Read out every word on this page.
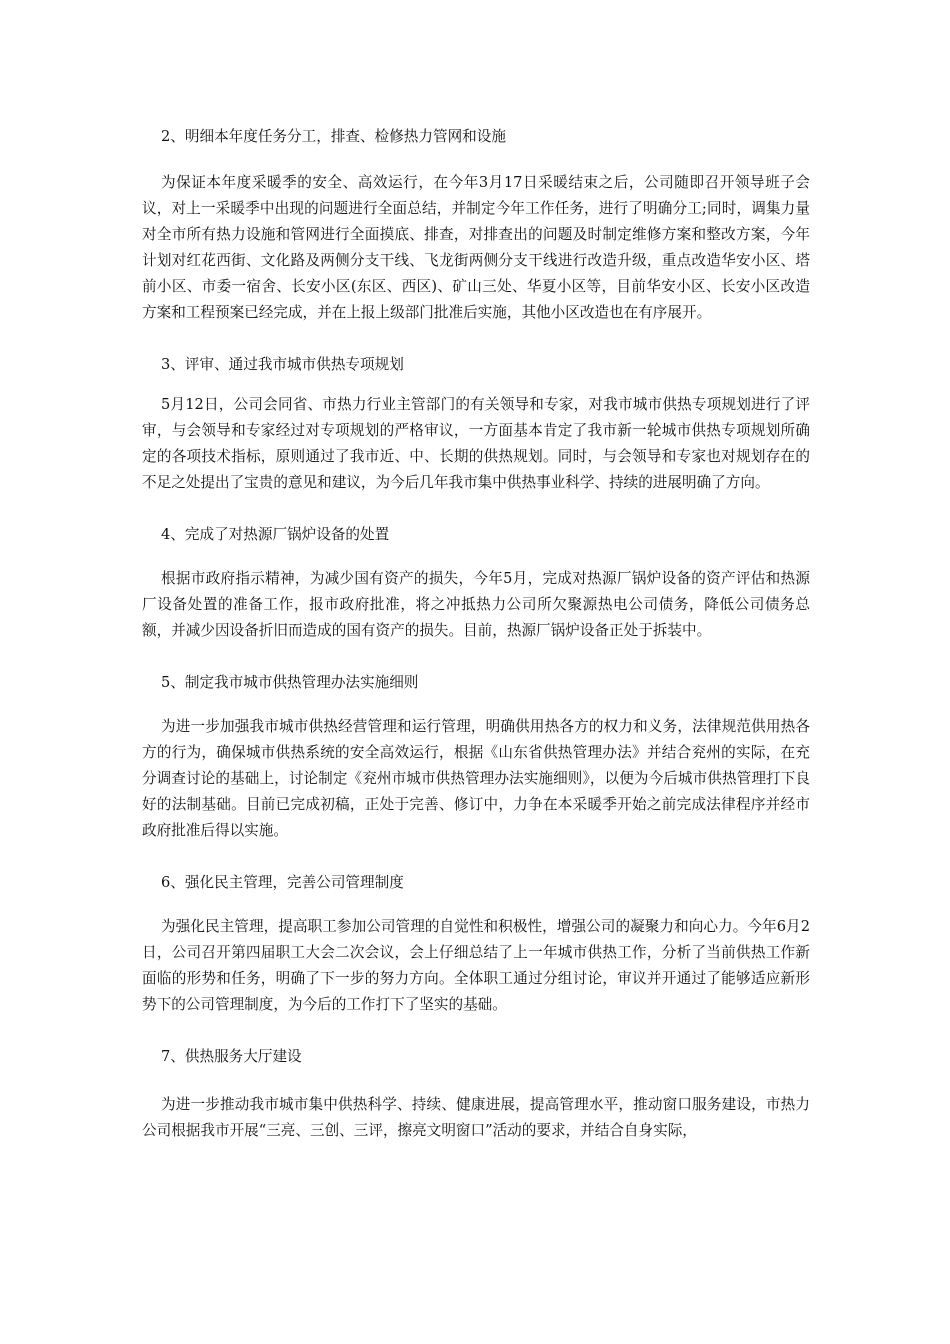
2、明细本年度任务分工，排查、检修热力管网和设施

为保证本年度采暖季的安全、高效运行，在今年3月17日采暖结束之后，公司随即召开领导班子会议，对上一采暖季中出现的问题进行全面总结，并制定今年工作任务，进行了明确分工;同时，调集力量对全市所有热力设施和管网进行全面摸底、排查，对排查出的问题及时制定维修方案和整改方案，今年计划对红花西街、文化路及两侧分支干线、飞龙街两侧分支干线进行改造升级，重点改造华安小区、塔前小区、市委一宿舍、长安小区(东区、西区)、矿山三处、华夏小区等，目前华安小区、长安小区改造方案和工程预案已经完成，并在上报上级部门批准后实施，其他小区改造也在有序展开。

3、评审、通过我市城市供热专项规划

5月12日，公司会同省、市热力行业主管部门的有关领导和专家，对我市城市供热专项规划进行了评审，与会领导和专家经过对专项规划的严格审议，一方面基本肯定了我市新一轮城市供热专项规划所确定的各项技术指标，原则通过了我市近、中、长期的供热规划。同时，与会领导和专家也对规划存在的不足之处提出了宝贵的意见和建议，为今后几年我市集中供热事业科学、持续的进展明确了方向。

4、完成了对热源厂锅炉设备的处置

根据市政府指示精神，为减少国有资产的损失，今年5月，完成对热源厂锅炉设备的资产评估和热源厂设备处置的准备工作，报市政府批准，将之冲抵热力公司所欠聚源热电公司债务，降低公司债务总额，并减少因设备折旧而造成的国有资产的损失。目前，热源厂锅炉设备正处于拆装中。

5、制定我市城市供热管理办法实施细则

为进一步加强我市城市供热经营管理和运行管理，明确供用热各方的权力和义务，法律规范供用热各方的行为，确保城市供热系统的安全高效运行，根据《山东省供热管理办法》并结合兖州的实际，在充分调查讨论的基础上，讨论制定《兖州市城市供热管理办法实施细则》，以便为今后城市供热管理打下良好的法制基础。目前已完成初稿，正处于完善、修订中，力争在本采暖季开始之前完成法律程序并经市政府批准后得以实施。

6、强化民主管理，完善公司管理制度

为强化民主管理，提高职工参加公司管理的自觉性和积极性，增强公司的凝聚力和向心力。今年6月2日，公司召开第四届职工大会二次会议，会上仔细总结了上一年城市供热工作，分析了当前供热工作新面临的形势和任务，明确了下一步的努力方向。全体职工通过分组讨论，审议并开通过了能够适应新形势下的公司管理制度，为今后的工作打下了坚实的基础。

7、供热服务大厅建设

为进一步推动我市城市集中供热科学、持续、健康进展，提高管理水平，推动窗口服务建设，市热力公司根据我市开展“三亮、三创、三评，擦亮文明窗口”活动的要求，并结合自身实际，
